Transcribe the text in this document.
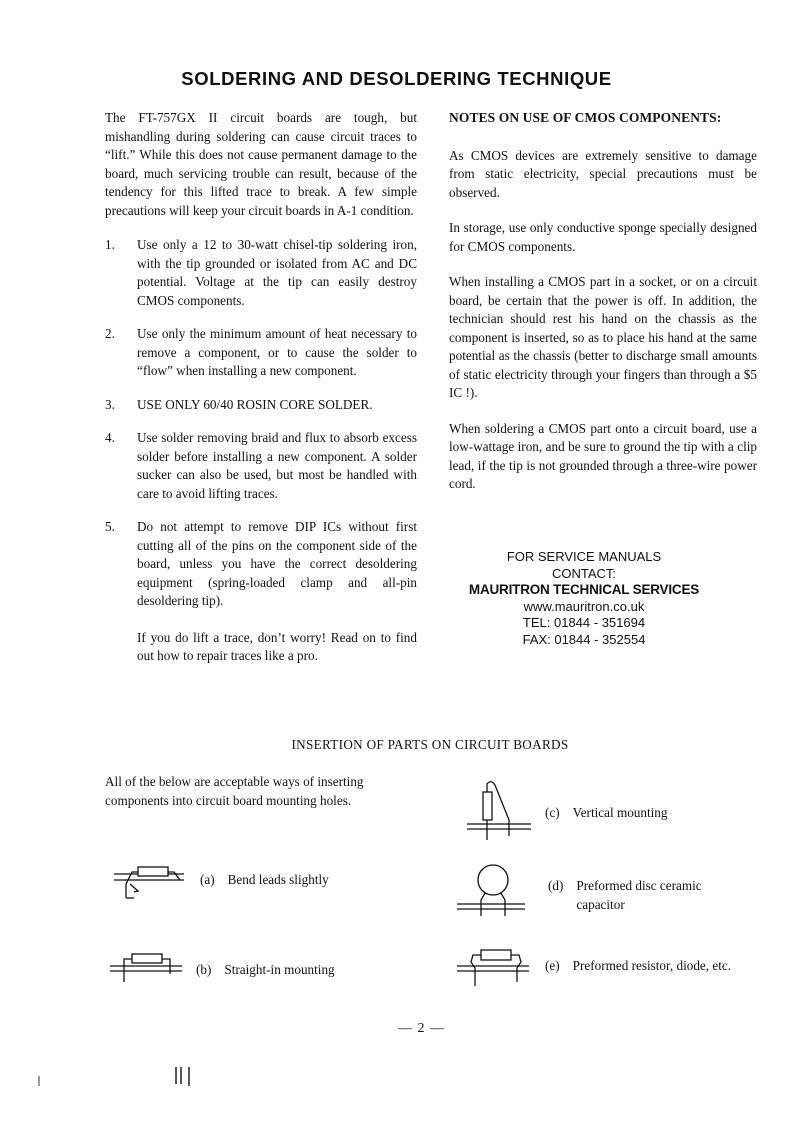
SOLDERING AND DESOLDERING TECHNIQUE

The FT-757GX II circuit boards are tough, but mishandling during soldering can cause circuit traces to “lift.” While this does not cause permanent damage to the board, much servicing trouble can result, because of the tendency for this lifted trace to break. A few simple precautions will keep your circuit boards in A-1 condition.

1. Use only a 12 to 30-watt chisel-tip soldering iron, with the tip grounded or isolated from AC and DC potential. Voltage at the tip can easily destroy CMOS components.
2. Use only the minimum amount of heat necessary to remove a component, or to cause the solder to “flow” when installing a new component.
3. USE ONLY 60/40 ROSIN CORE SOLDER.
4. Use solder removing braid and flux to absorb excess solder before installing a new component. A solder sucker can also be used, but most be handled with care to avoid lifting traces.
5. Do not attempt to remove DIP ICs without first cutting all of the pins on the component side of the board, unless you have the correct desoldering equipment (spring-loaded clamp and all-pin desoldering tip).

If you do lift a trace, don’t worry! Read on to find out how to repair traces like a pro.

NOTES ON USE OF CMOS COMPONENTS:

As CMOS devices are extremely sensitive to damage from static electricity, special precautions must be observed.

In storage, use only conductive sponge specially designed for CMOS components.

When installing a CMOS part in a socket, or on a circuit board, be certain that the power is off. In addition, the technician should rest his hand on the chassis as the component is inserted, so as to place his hand at the same potential as the chassis (better to discharge small amounts of static electricity through your fingers than through a $5 IC !).

When soldering a CMOS part onto a circuit board, use a low-wattage iron, and be sure to ground the tip with a clip lead, if the tip is not grounded through a three-wire power cord.

FOR SERVICE MANUALS
CONTACT:
MAURITRON TECHNICAL SERVICES
www.mauritron.co.uk
TEL: 01844 - 351694
FAX: 01844 - 352554
INSERTION OF PARTS ON CIRCUIT BOARDS
All of the below are acceptable ways of inserting components into circuit board mounting holes.
(a) Bend leads slightly
(b) Straight-in mounting
(c) Vertical mounting
(d) Preformed disc ceramic capacitor
(e) Preformed resistor, diode, etc.
— 2 —
